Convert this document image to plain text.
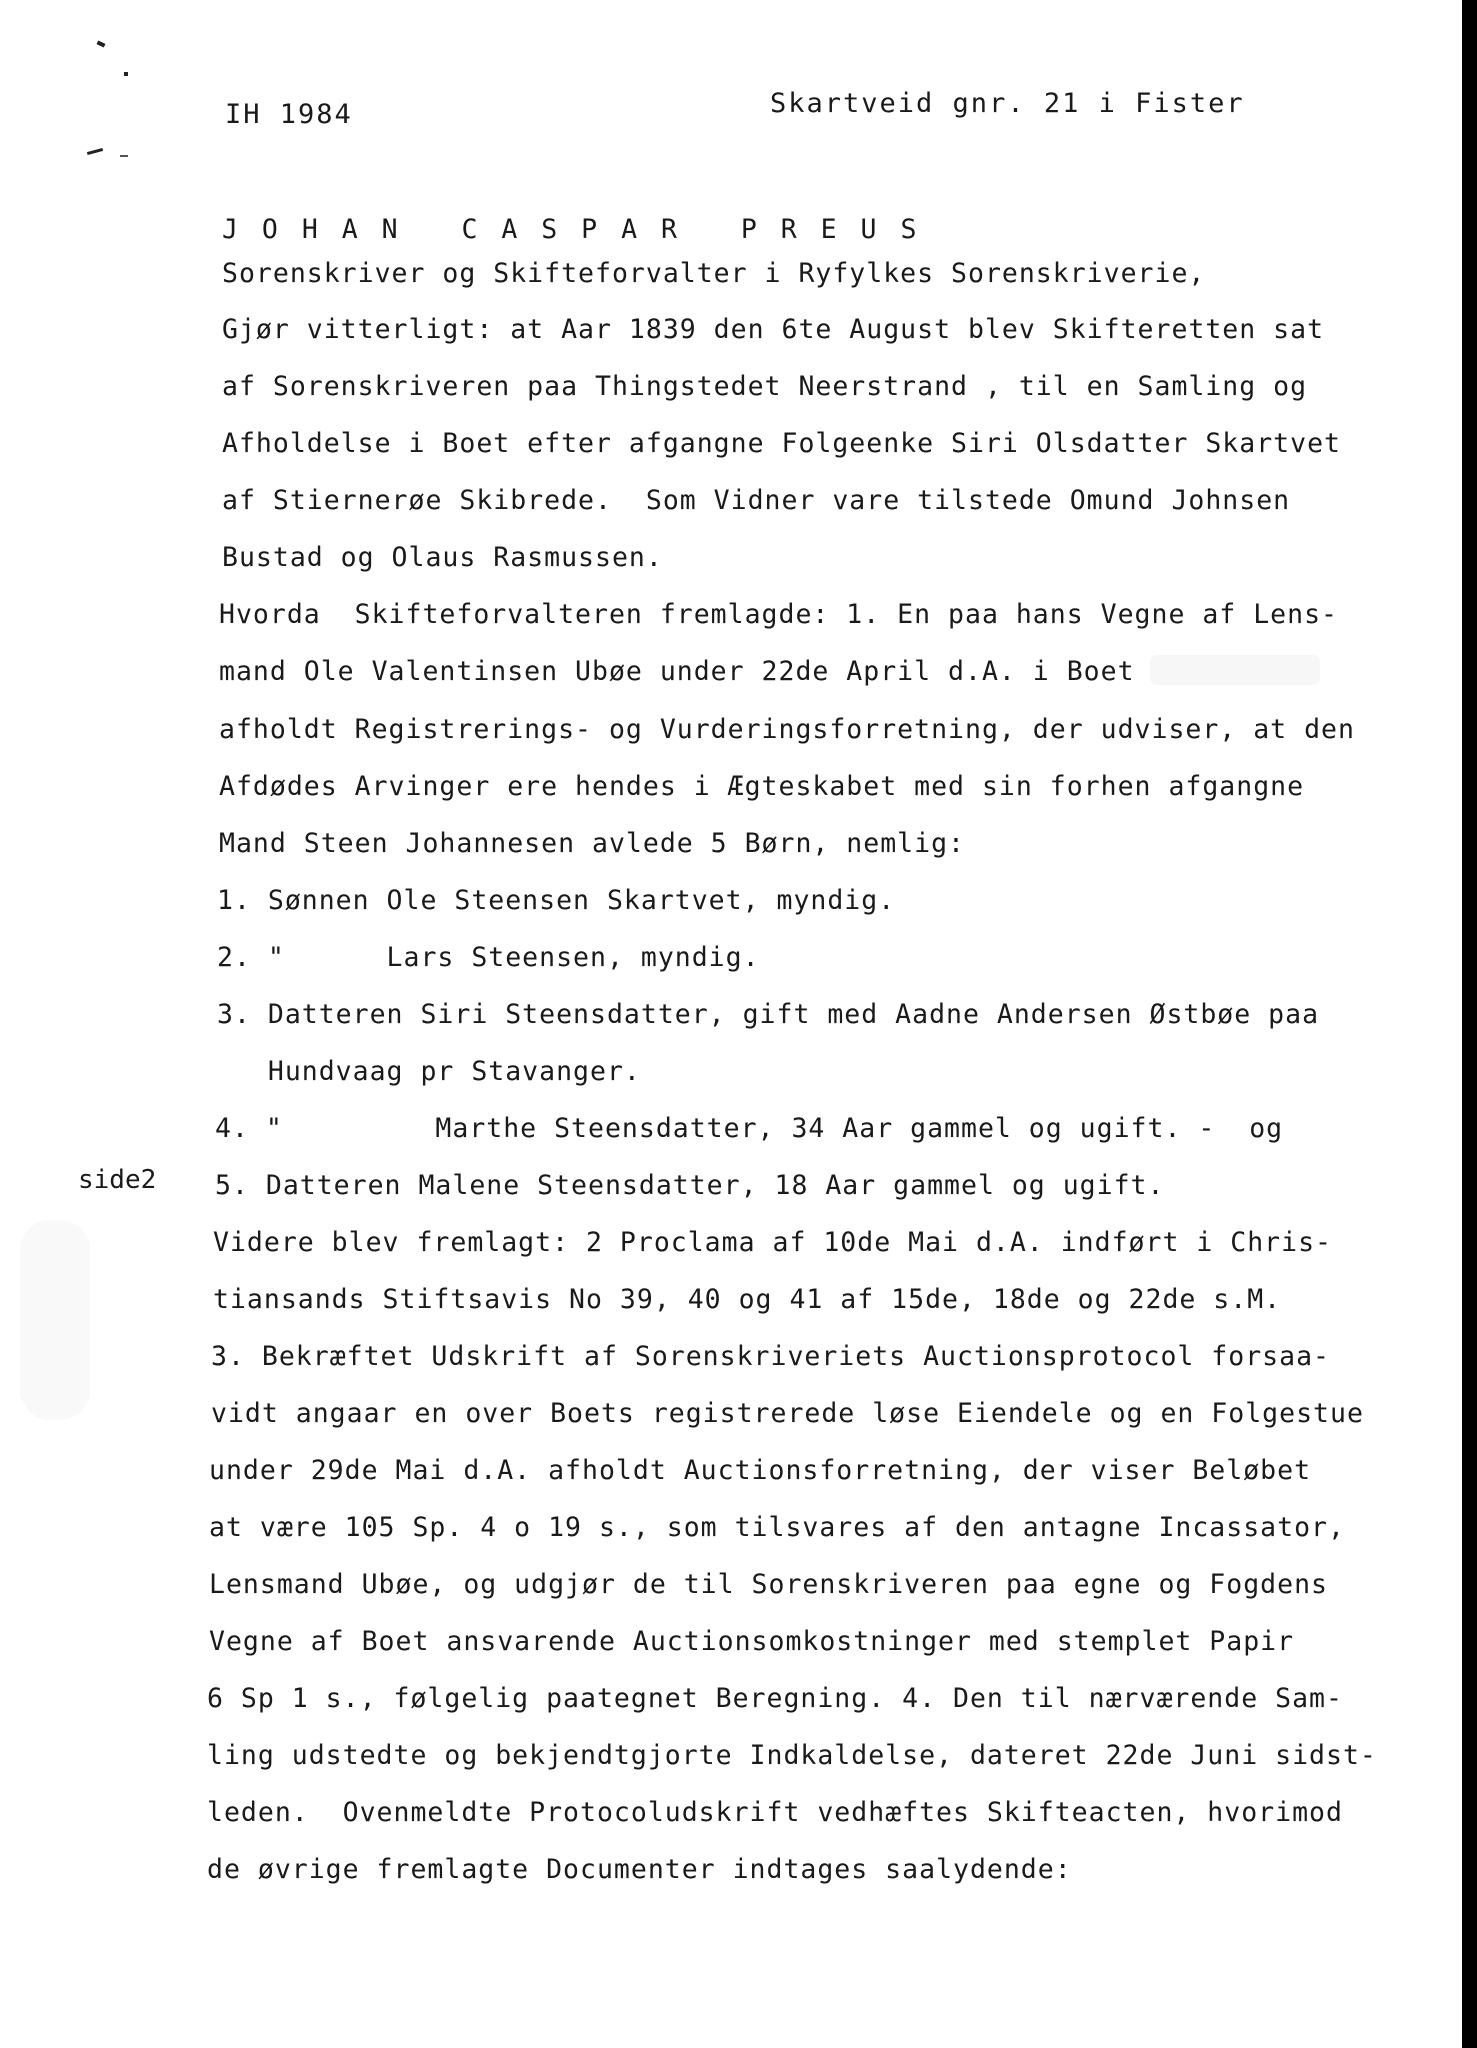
IH 1984	Skartveid gnr. 21 i Fister
side2
J O H A N   C A S P A R   P R E U S
Sorenskriver og Skifteforvalter i Ryfylkes Sorenskriverie,
Gjør vitterligt: at Aar 1839 den 6te August blev Skifteretten sat
af Sorenskriveren paa Thingstedet Neerstrand , til en Samling og
Afholdelse i Boet efter afgangne Folgeenke Siri Olsdatter Skartvet
af Stiernerøe Skibrede.  Som Vidner vare tilstede Omund Johnsen
Bustad og Olaus Rasmussen.
Hvorda  Skifteforvalteren fremlagde: 1. En paa hans Vegne af Lens-
mand Ole Valentinsen Ubøe under 22de April d.A. i Boet
afholdt Registrerings- og Vurderingsforretning, der udviser, at den
Afdødes Arvinger ere hendes i Ægteskabet med sin forhen afgangne
Mand Steen Johannesen avlede 5 Børn, nemlig:
1. Sønnen Ole Steensen Skartvet, myndig.
2. "      Lars Steensen, myndig.
3. Datteren Siri Steensdatter, gift med Aadne Andersen Østbøe paa
Hundvaag pr Stavanger.
4. "         Marthe Steensdatter, 34 Aar gammel og ugift. -  og
5. Datteren Malene Steensdatter, 18 Aar gammel og ugift.
Videre blev fremlagt: 2 Proclama af 10de Mai d.A. indført i Chris-
tiansands Stiftsavis No 39, 40 og 41 af 15de, 18de og 22de s.M.
3. Bekræftet Udskrift af Sorenskriveriets Auctionsprotocol forsaa-
vidt angaar en over Boets registrerede løse Eiendele og en Folgestue
under 29de Mai d.A. afholdt Auctionsforretning, der viser Beløbet
at være 105 Sp. 4 o 19 s., som tilsvares af den antagne Incassator,
Lensmand Ubøe, og udgjør de til Sorenskriveren paa egne og Fogdens
Vegne af Boet ansvarende Auctionsomkostninger med stemplet Papir
6 Sp 1 s., følgelig paategnet Beregning. 4. Den til nærværende Sam-
ling udstedte og bekjendtgjorte Indkaldelse, dateret 22de Juni sidst-
leden.  Ovenmeldte Protocoludskrift vedhæftes Skifteacten, hvorimod
de øvrige fremlagte Documenter indtages saalydende:
